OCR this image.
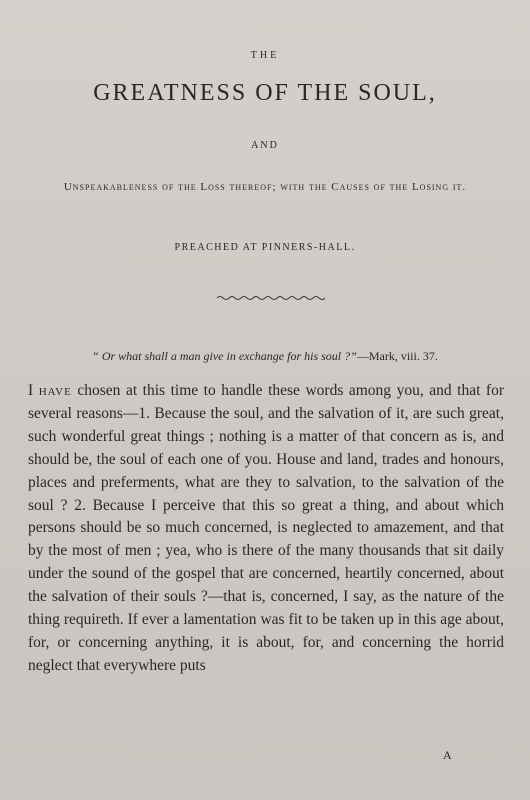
THE
GREATNESS OF THE SOUL,
AND
Unspeakableness of the Loss thereof; with the Causes of the Losing it.
PREACHED AT PINNERS-HALL.
“ Or what shall a man give in exchange for his soul ?”—Mark, viii. 37.
I have chosen at this time to handle these words among you, and that for several reasons—1. Because the soul, and the salvation of it, are such great, such wonderful great things ; nothing is a matter of that concern as is, and should be, the soul of each one of you. House and land, trades and honours, places and preferments, what are they to salvation, to the salvation of the soul ? 2. Because I perceive that this so great a thing, and about which persons should be so much concerned, is neglected to amazement, and that by the most of men ; yea, who is there of the many thousands that sit daily under the sound of the gospel that are concerned, heartily concerned, about the salvation of their souls ?—that is, concerned, I say, as the nature of the thing requireth. If ever a lamentation was fit to be taken up in this age about, for, or concerning anything, it is about, for, and concerning the horrid neglect that everywhere puts
A
